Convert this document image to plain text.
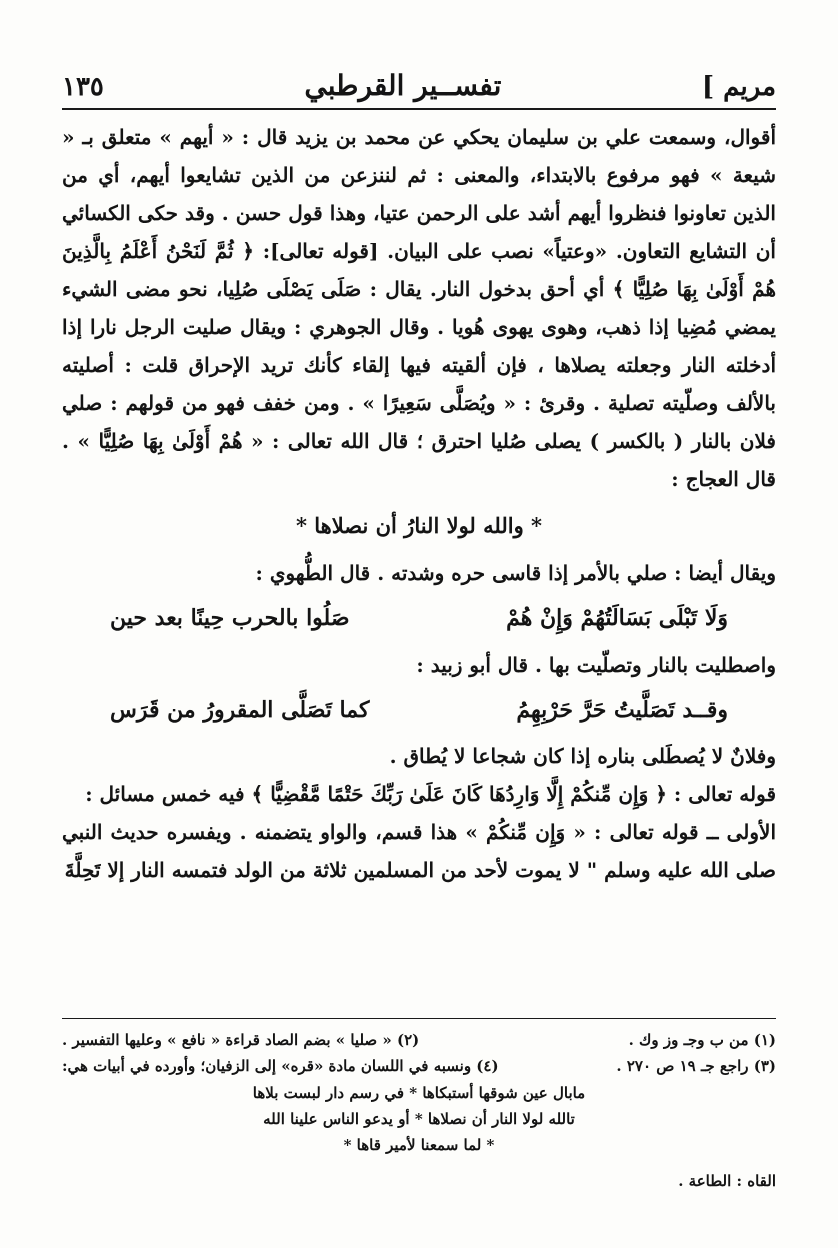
مريم ]
تفســير القرطبي
١٣٥

أقوال، وسمعت علي بن سليمان يحكي عن محمد بن يزيد قال : « أيهم » متعلق بـ « شيعة » فهو مرفوع بالابتداء، والمعنى : ثم لننزعن من الذين تشايعوا أيهم، أي من الذين تعاونوا فنظروا أيهم أشد على الرحمن عتيا، وهذا قول حسن . وقد حكى الكسائي أن التشايع التعاون. «وعتياً» نصب على البيان. [قوله تعالى]: ﴿ ثُمَّ لَنَحْنُ أَعْلَمُ بِالَّذِينَ هُمْ أَوْلَىٰ بِهَا صُلِيًّا ﴾ أي أحق بدخول النار. يقال : صَلَى يَصْلَى صُلِيا، نحو مضى الشيء يمضي مُضِيا إذا ذهب، وهوى يهوى هُويا . وقال الجوهري : ويقال صليت الرجل نارا إذا أدخلته النار وجعلته يصلاها ، فإن ألقيته فيها إلقاء كأنك تريد الإحراق قلت : أصليته بالألف وصلّيته تصلية . وقرئ : « ويُصَلَّى سَعِيرًا » . ومن خفف فهو من قولهم : صلي فلان بالنار ( بالكسر ) يصلى صُليا احترق ؛ قال الله تعالى : « هُمْ أَوْلَىٰ بِهَا صُلِيًّا » . قال العجاج :

* والله لولا النارُ أن نصلاها *

ويقال أيضا : صلي بالأمر إذا قاسى حره وشدته . قال الطُّهوي :

وَلَا تَبْلَى بَسَالَتُهُمْ وَإِنْ هُمْ
صَلُوا بالحرب حِينًا بعد حين

واصطليت بالنار وتصلّيت بها . قال أبو زبيد :

وقــد تَصَلَّيتُ حَرَّ حَرْبِهِمُ
كما تَصَلَّى المقرورُ من قَرَس

وفلانٌ لا يُصطَلى بناره إذا كان شجاعا لا يُطاق .

قوله تعالى : ﴿ وَإِن مِّنكُمْ إِلَّا وَارِدُهَا كَانَ عَلَىٰ رَبِّكَ حَتْمًا مَّقْضِيًّا ﴾ فيه خمس مسائل :

الأولى ــ قوله تعالى : « وَإِن مِّنكُمْ » هذا قسم، والواو يتضمنه . ويفسره حديث النبي صلى الله عليه وسلم " لا يموت لأحد من المسلمين ثلاثة من الولد فتمسه النار إلا تَحِلَّةَ

(١) من ب وجـ وز وك .
(٢) « صليا » بضم الصاد قراءة « نافع » وعليها التفسير .
(٣) راجع جـ ١٩ ص ٢٧٠ .
(٤) ونسبه في اللسان مادة «قره» إلى الزفيان؛ وأورده في أبيات هي:

مابال عين شوقها أستبكاها * في رسم دار لبست بلاها

تالله لولا النار أن نصلاها * أو يدعو الناس علينا الله

* لما سمعنا لأمير قاها *

القاه : الطاعة .
